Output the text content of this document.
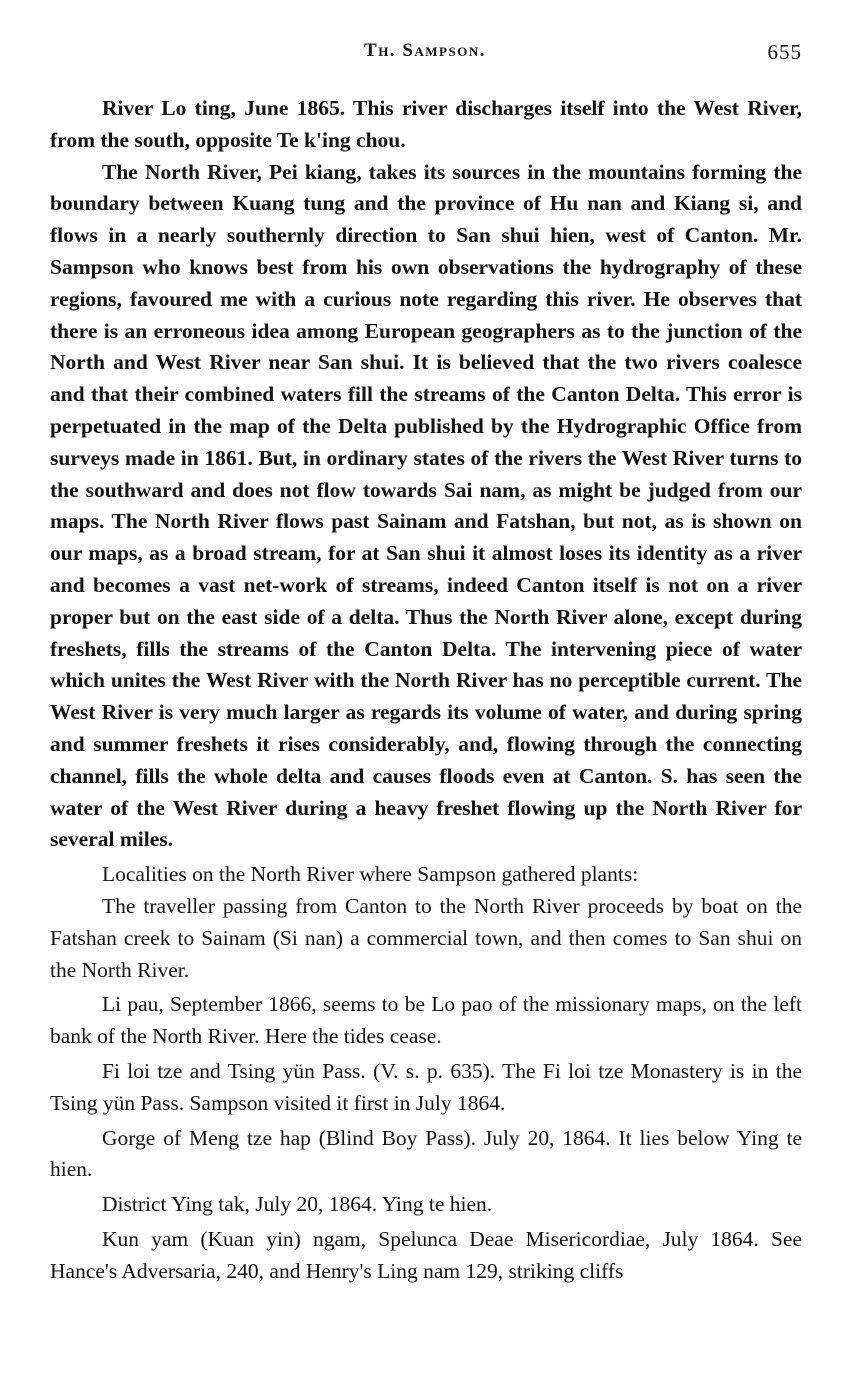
Th. Sampson.	655

River Lo ting, June 1865. This river discharges itself into the West River, from the south, opposite Te k'ing chou.

The North River, Pei kiang, takes its sources in the mountains forming the boundary between Kuang tung and the province of Hu nan and Kiang si, and flows in a nearly southernly direction to San shui hien, west of Canton. Mr. Sampson who knows best from his own observations the hydrography of these regions, favoured me with a curious note regarding this river. He observes that there is an erroneous idea among European geographers as to the junction of the North and West River near San shui. It is believed that the two rivers coalesce and that their combined waters fill the streams of the Canton Delta. This error is perpetuated in the map of the Delta published by the Hydrographic Office from surveys made in 1861. But, in ordinary states of the rivers the West River turns to the southward and does not flow towards Sai nam, as might be judged from our maps. The North River flows past Sainam and Fatshan, but not, as is shown on our maps, as a broad stream, for at San shui it almost loses its identity as a river and becomes a vast net-work of streams, indeed Canton itself is not on a river proper but on the east side of a delta. Thus the North River alone, except during freshets, fills the streams of the Canton Delta. The intervening piece of water which unites the West River with the North River has no perceptible current. The West River is very much larger as regards its volume of water, and during spring and summer freshets it rises considerably, and, flowing through the connecting channel, fills the whole delta and causes floods even at Canton. S. has seen the water of the West River during a heavy freshet flowing up the North River for several miles.

Localities on the North River where Sampson gathered plants:

The traveller passing from Canton to the North River proceeds by boat on the Fatshan creek to Sainam (Si nan) a commercial town, and then comes to San shui on the North River.

Li pau, September 1866, seems to be Lo pao of the missionary maps, on the left bank of the North River. Here the tides cease.

Fi loi tze and Tsing yün Pass. (V. s. p. 635). The Fi loi tze Monastery is in the Tsing yün Pass. Sampson visited it first in July 1864.

Gorge of Meng tze hap (Blind Boy Pass). July 20, 1864. It lies below Ying te hien.

District Ying tak, July 20, 1864. Ying te hien.

Kun yam (Kuan yin) ngam, Spelunca Deae Misericordiae, July 1864. See Hance's Adversaria, 240, and Henry's Ling nam 129, striking cliffs
